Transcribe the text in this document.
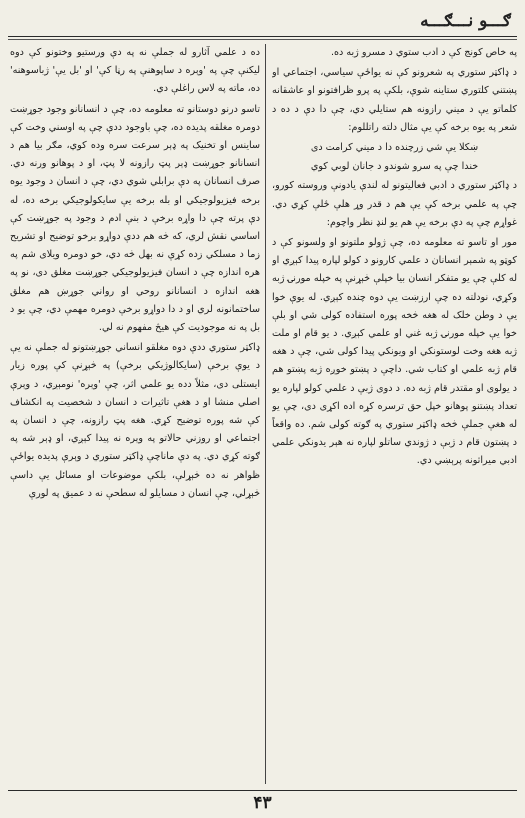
ګـــو نـــګـــه

په خاص کونج کې د ادب ستوي د مسرو ژبه ده.

د ډاکټر ستوري په شعرونو کې نه يواځې سياسي، اجتماعي او پښتني کلتوري ستاينه شوې، بلکې په پرو ظرافتونو او عاشقانه کلماتو يې د ميني رازونه هم ستايلي دي، چې دا دې د ده د شعر په يوه برخه کې يې مثال دلته راتللوم:

ښکلا يې شي زرچنده دا د ميني کرامت دی

خندا چې په سرو شوندو د جانان لوبي کوي

د ډاکټر ستوري د ادبي فعاليتونو له لندې يادونې وروسته کورو، چې په علمي برخه کې يې هم د قدر وړ هلې ځلې کړي دي. غواړم چې په دې برخه يې هم يو لنډ نظر واچوم:

مور او تاسو ته معلومه ده، چې ژولو ملتونو او ولسونو کې د کوټو په شمېر انسانان د علمي کارونو د کولو لپاره پيدا کېږي او له کلې چې يو متفکر انسان بيا خپلې څېړنې په خپله مورنۍ ژبه وکړي، نودلته ده چې ارزښت يې دوه چنده کېږي. له يوې خوا يې د وطن خلک له هغه څخه پوره استفاده کولی شي او بلې خوا يې خپله مورنۍ ژبه غني او علمي کېږي. د يو قام او ملت ژبه هغه وخت لوستونکي او ويونکي پيدا کولی شي، چې د هغه قام ژبه علمي او کتاب شي. داچې د پښتو خوږه ژبه پښتو هم د يولوی او مقتدر قام ژبه ده. د دوی ژبې د علمي کولو لپاره يو تعداد پښتنو پوهانو خپل حق ترسره کړه اده اکړی دی، چې يو له هغې جملې څخه ډاکټر ستوري په ګوته کولی شم. ده واقعاً د پښتون قام د ژبې د ژوندي ساتلو لپاره نه هېر يدونکي علمي ادبي ميراثونه پرېښي دي.

ده د علمي آثارو له جملې نه په دې ورستيو وختونو کې دوه ليکنې چې په 'وېره د ساپوهنې په رڼا کې' او 'بل يې' ژباسوهنه' ده، ماته په لاس راغلې دي.

تاسو درنو دوستانو ته معلومه ده، چې د انسانانو وجود جوړښت دومره مغلقه پديده ده، چې باوجود ددې چې په اوسني وخت کې ساينس او تخنيک په ډېر سرعت سره وده کوي، مګر بيا هم د انسانانو جوړښت ډېر پټ رازونه لا پټ، او د پوهانو ورنه دي. صرف انسانان په دې برابلي شوي دي، چې د انسان د وجود يوه برخه فيزيولوجيکي او بله برخه يې سايکولوجيکي برخه ده، له دې پرته چې دا واړه برخې د بنې ادم د وجود په جوړښت کې اساسي نقش لري، که څه هم ددې دواړو برخو توضيح او تشريح زما د مسلکي زده کړې نه بهل څه دي، خو دومره ويلای شم په هره اندازه چې د انسان فيزيولوجيکي جوړښت مغلق دی، نو په هغه اندازه د انسانانو روحي او رواني جوړښ هم مغلق ساختمانونه لري او د دا دواړو برخې دومره مهمې دي، چې يو د بل په نه موجوديت کې هيڅ مفهوم نه لي.

ډاکټر ستوري ددې دوه مغلقو انساني جوړښتونو له جملې نه يې د يوې برخې (سايکالوژيکي برخې) په څېړنې کې پوره زيار ايستلی دی، مثلاً دده يو علمي اثر، چې 'وېره' نومېږي، د وېرې اصلي منشا او د هغې تاثيرات د انسان د شخصيت په انکشاف کې شه پوره توضيح کړي. هغه پټ رازونه، چې د انسان په اجتماعي او روزني حالاتو په وېره نه پيدا کېږي، او ډېر شه په ګوته کړي دي. په دې ماناچې ډاکټر ستوري د وېرې پديده يواځې ظواهر نه ده څېړلې، بلکې موضوعات او مسائل يې داسې څېړلي، چې انسان د مسايلو له سطحې نه د عميق په لورې

۴۳
